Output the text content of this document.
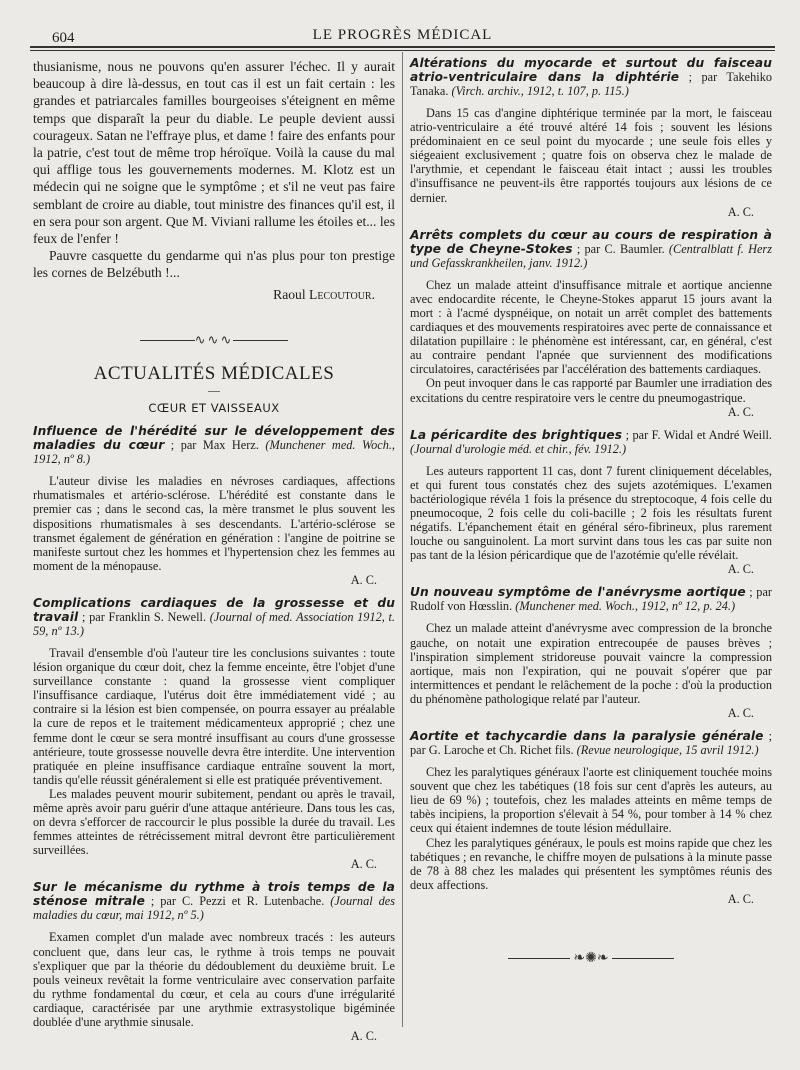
604	LE PROGRÈS MÉDICAL

thusianisme, nous ne pouvons qu'en assurer l'échec. Il y aurait beaucoup à dire là-dessus, en tout cas il est un fait certain : les grandes et patriarcales familles bourgeoises s'éteignent en même temps que disparaît la peur du diable. Le peuple devient aussi courageux. Satan ne l'effraye plus, et dame ! faire des enfants pour la patrie, c'est tout de même trop héroïque. Voilà la cause du mal qui afflige tous les gouvernements modernes. M. Klotz est un médecin qui ne soigne que le symptôme ; et s'il ne veut pas faire semblant de croire au diable, tout ministre des finances qu'il est, il en sera pour son argent. Que M. Viviani rallume les étoiles et... les feux de l'enfer !

Pauvre casquette du gendarme qui n'as plus pour ton prestige les cornes de Belzébuth !...

Raoul Lecoutour.
∿∿∿
ACTUALITÉS MÉDICALES
—
CŒUR ET VAISSEAUX

Influence de l'hérédité sur le développement des maladies du cœur ; par Max Herz. (Munchener med. Woch., 1912, nº 8.)

L'auteur divise les maladies en névroses cardiaques, affections rhumatismales et artério-sclérose. L'hérédité est constante dans le premier cas ; dans le second cas, la mère transmet le plus souvent les dispositions rhumatismales à ses descendants. L'artério-sclérose se transmet également de génération en génération : l'angine de poitrine se manifeste surtout chez les hommes et l'hypertension chez les femmes au moment de la ménopause.

A. C.

Complications cardiaques de la grossesse et du travail ; par Franklin S. Newell. (Journal of med. Association 1912, t. 59, nº 13.)

Travail d'ensemble d'où l'auteur tire les conclusions suivantes : toute lésion organique du cœur doit, chez la femme enceinte, être l'objet d'une surveillance constante : quand la grossesse vient compliquer l'insuffisance cardiaque, l'utérus doit être immédiatement vidé ; au contraire si la lésion est bien compensée, on pourra essayer au préalable la cure de repos et le traitement médicamenteux approprié ; chez une femme dont le cœur se sera montré insuffisant au cours d'une grossesse antérieure, toute grossesse nouvelle devra être interdite. Une intervention pratiquée en pleine insuffisance cardiaque entraîne souvent la mort, tandis qu'elle réussit généralement si elle est pratiquée préventivement.

Les malades peuvent mourir subitement, pendant ou après le travail, même après avoir paru guérir d'une attaque antérieure. Dans tous les cas, on devra s'efforcer de raccourcir le plus possible la durée du travail. Les femmes atteintes de rétrécissement mitral devront être particulièrement surveillées.

A. C.

Sur le mécanisme du rythme à trois temps de la sténose mitrale ; par C. Pezzi et R. Lutenbache. (Journal des maladies du cœur, mai 1912, nº 5.)

Examen complet d'un malade avec nombreux tracés : les auteurs concluent que, dans leur cas, le rythme à trois temps ne pouvait s'expliquer que par la théorie du dédoublement du deuxième bruit. Le pouls veineux revêtait la forme ventriculaire avec conservation parfaite du rythme fondamental du cœur, et cela au cours d'une irrégularité cardiaque, caractérisée par une arythmie extrasystolique bigéminée doublée d'une arythmie sinusale.

A. C.

Altérations du myocarde et surtout du faisceau atrio-ventriculaire dans la diphtérie ; par Takehiko Tanaka. (Virch. archiv., 1912, t. 107, p. 115.)

Dans 15 cas d'angine diphtérique terminée par la mort, le faisceau atrio-ventriculaire a été trouvé altéré 14 fois ; souvent les lésions prédominaient en ce seul point du myocarde ; une seule fois elles y siégeaient exclusivement ; quatre fois on observa chez le malade de l'arythmie, et cependant le faisceau était intact ; aussi les troubles d'insuffisance ne peuvent-ils être rapportés toujours aux lésions de ce dernier.

A. C.

Arrêts complets du cœur au cours de respiration à type de Cheyne-Stokes ; par C. Baumler. (Centralblatt f. Herz und Gefasskrankheilen, janv. 1912.)

Chez un malade atteint d'insuffisance mitrale et aortique ancienne avec endocardite récente, le Cheyne-Stokes apparut 15 jours avant la mort : à l'acmé dyspnéique, on notait un arrêt complet des battements cardiaques et des mouvements respiratoires avec perte de connaissance et dilatation pupillaire : le phénomène est intéressant, car, en général, c'est au contraire pendant l'apnée que surviennent des modifications circulatoires, caractérisées par l'accélération des battements cardiaques.

On peut invoquer dans le cas rapporté par Baumler une irradiation des excitations du centre respiratoire vers le centre du pneumogastrique.

A. C.

La péricardite des brightiques ; par F. Widal et André Weill. (Journal d'urologie méd. et chir., fév. 1912.)

Les auteurs rapportent 11 cas, dont 7 furent cliniquement décelables, et qui furent tous constatés chez des sujets azotémiques. L'examen bactériologique révéla 1 fois la présence du streptocoque, 4 fois celle du pneumocoque, 2 fois celle du coli-bacille ; 2 fois les résultats furent négatifs. L'épanchement était en général séro-fibrineux, plus rarement louche ou sanguinolent. La mort survint dans tous les cas par suite non pas tant de la lésion péricardique que de l'azotémie qu'elle révélait.

A. C.

Un nouveau symptôme de l'anévrysme aortique ; par Rudolf von Hœsslin. (Munchener med. Woch., 1912, nº 12, p. 24.)

Chez un malade atteint d'anévrysme avec compression de la bronche gauche, on notait une expiration entrecoupée de pauses brèves ; l'inspiration simplement stridoreuse pouvait vaincre la compression aortique, mais non l'expiration, qui ne pouvait s'opérer que par intermittences et pendant le relâchement de la poche : d'où la production du phénomène pathologique relaté par l'auteur.

A. C.

Aortite et tachycardie dans la paralysie générale ; par G. Laroche et Ch. Richet fils. (Revue neurologique, 15 avril 1912.)

Chez les paralytiques généraux l'aorte est cliniquement touchée moins souvent que chez les tabétiques (18 fois sur cent d'après les auteurs, au lieu de 69 %) ; toutefois, chez les malades atteints en même temps de tabès incipiens, la proportion s'élevait à 54 %, pour tomber à 14 % chez ceux qui étaient indemnes de toute lésion médullaire.

Chez les paralytiques généraux, le pouls est moins rapide que chez les tabétiques ; en revanche, le chiffre moyen de pulsations à la minute passe de 78 à 88 chez les malades qui présentent les symptômes réunis des deux affections.

A. C.
❧✺❧
